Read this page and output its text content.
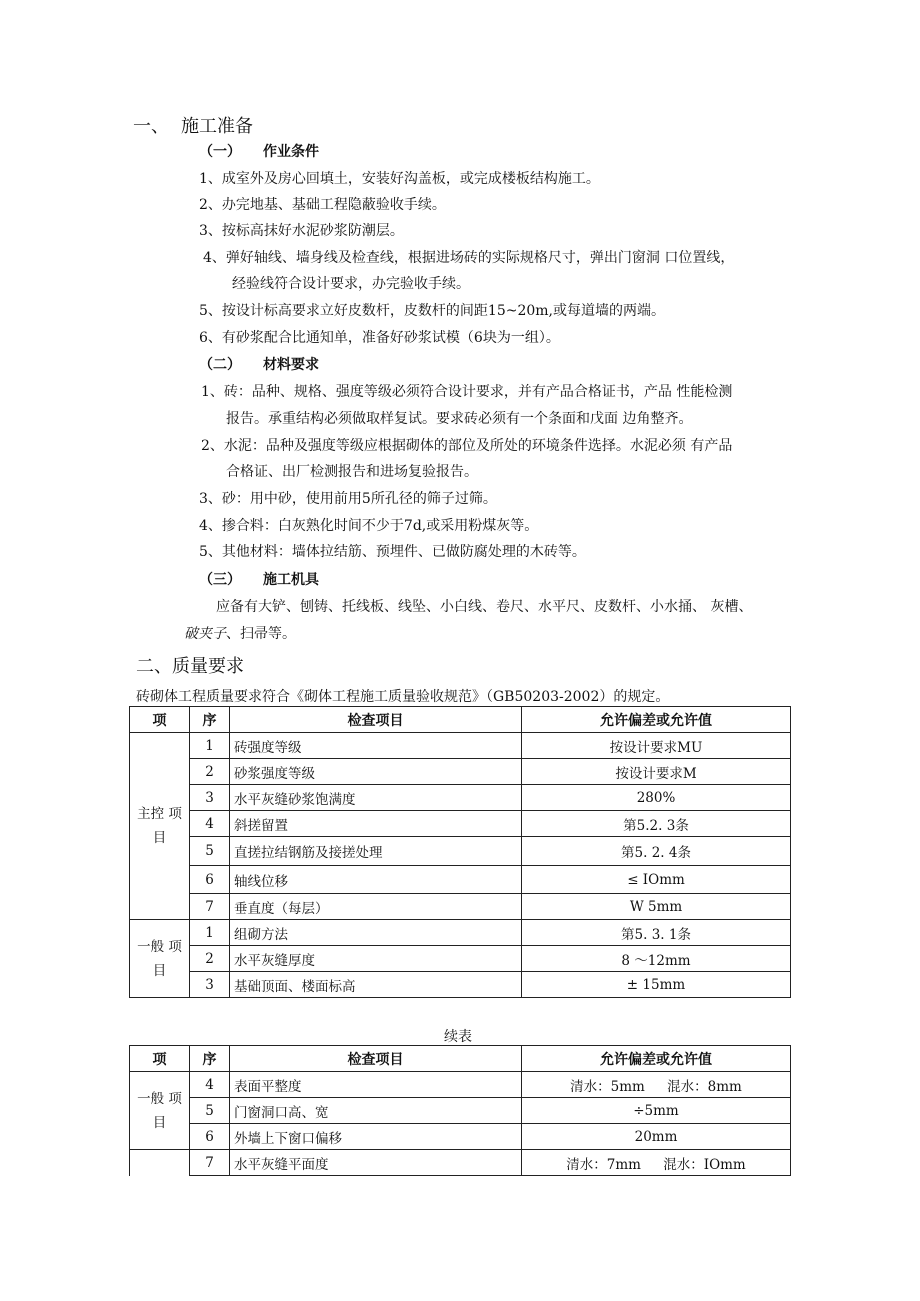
一、 施工准备
（一） 作业条件
1、成室外及房心回填土，安装好沟盖板，或完成楼板结构施工。
2、办完地基、基础工程隐蔽验收手续。
3、按标高抹好水泥砂浆防潮层。
4、弹好轴线、墙身线及检查线，根据进场砖的实际规格尺寸，弹出门窗洞 口位置线，
经验线符合设计要求，办完验收手续。
5、按设计标高要求立好皮数杆，皮数杆的间距15~20m,或每道墙的两端。
6、有砂浆配合比通知单，准备好砂浆试模（6块为一组）。
（二） 材料要求
1、砖：品种、规格、强度等级必须符合设计要求，并有产品合格证书，产品 性能检测
报告。承重结构必须做取样复试。要求砖必须有一个条面和戊面 边角整齐。
2、水泥：品种及强度等级应根据砌体的部位及所处的环境条件选择。水泥必须 有产品
合格证、出厂检测报告和进场复验报告。
3、砂：用中砂，使用前用5所孔径的筛子过筛。
4、掺合料：白灰熟化时间不少于7d,或采用粉煤灰等。
5、其他材料：墙体拉结筋、预埋件、已做防腐处理的木砖等。
（三） 施工机具
应备有大铲、刨铸、托线板、线坠、小白线、卷尺、水平尺、皮数杆、小水捅、 灰槽、
破夹子、扫帚等。
二、质量要求
砖砌体工程质量要求符合《砌体工程施工质量验收规范》（GB50203-2002）的规定。
项	序	检查项目	允许偏差或允许值
主控 项目	1	砖强度等级	按设计要求MU
	2	砂浆强度等级	按设计要求M
	3	水平灰缝砂浆饱满度	280%
	4	斜搓留置	第5.2. 3条
	5	直搓拉结钢筋及接搓处理	第5. 2. 4条
	6	轴线位移	≤ IOmm
	7	垂直度（每层）	W 5mm
一般 项目	1	组砌方法	第5. 3. 1条
	2	水平灰缝厚度	8 ～12mm
	3	基础顶面、楼面标高	± 15mm
续表
项	序	检查项目	允许偏差或允许值
一般 项目	4	表面平整度	清水：5mm 混水：8mm
	5	门窗洞口高、宽	÷5mm
	6	外墙上下窗口偏移	20mm
	7	水平灰缝平面度	清水：7mm 混水：IOmm
